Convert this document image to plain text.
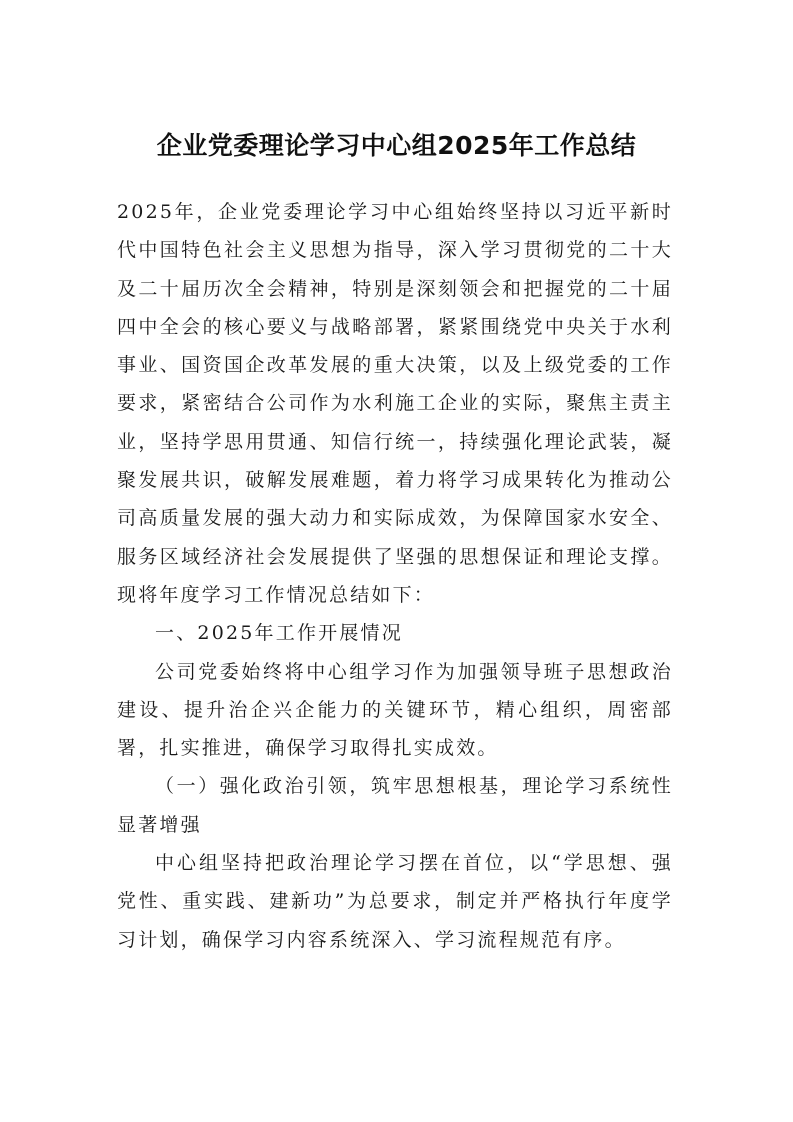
企业党委理论学习中心组2025年工作总结

2025年，企业党委理论学习中心组始终坚持以习近平新时代中国特色社会主义思想为指导，深入学习贯彻党的二十大及二十届历次全会精神，特别是深刻领会和把握党的二十届四中全会的核心要义与战略部署，紧紧围绕党中央关于水利事业、国资国企改革发展的重大决策，以及上级党委的工作要求，紧密结合公司作为水利施工企业的实际，聚焦主责主业，坚持学思用贯通、知信行统一，持续强化理论武装，凝聚发展共识，破解发展难题，着力将学习成果转化为推动公司高质量发展的强大动力和实际成效，为保障国家水安全、服务区域经济社会发展提供了坚强的思想保证和理论支撑。现将年度学习工作情况总结如下：

一、2025年工作开展情况

公司党委始终将中心组学习作为加强领导班子思想政治建设、提升治企兴企能力的关键环节，精心组织，周密部署，扎实推进，确保学习取得扎实成效。

（一）强化政治引领，筑牢思想根基，理论学习系统性显著增强

中心组坚持把政治理论学习摆在首位，以“学思想、强党性、重实践、建新功”为总要求，制定并严格执行年度学习计划，确保学习内容系统深入、学习流程规范有序。
